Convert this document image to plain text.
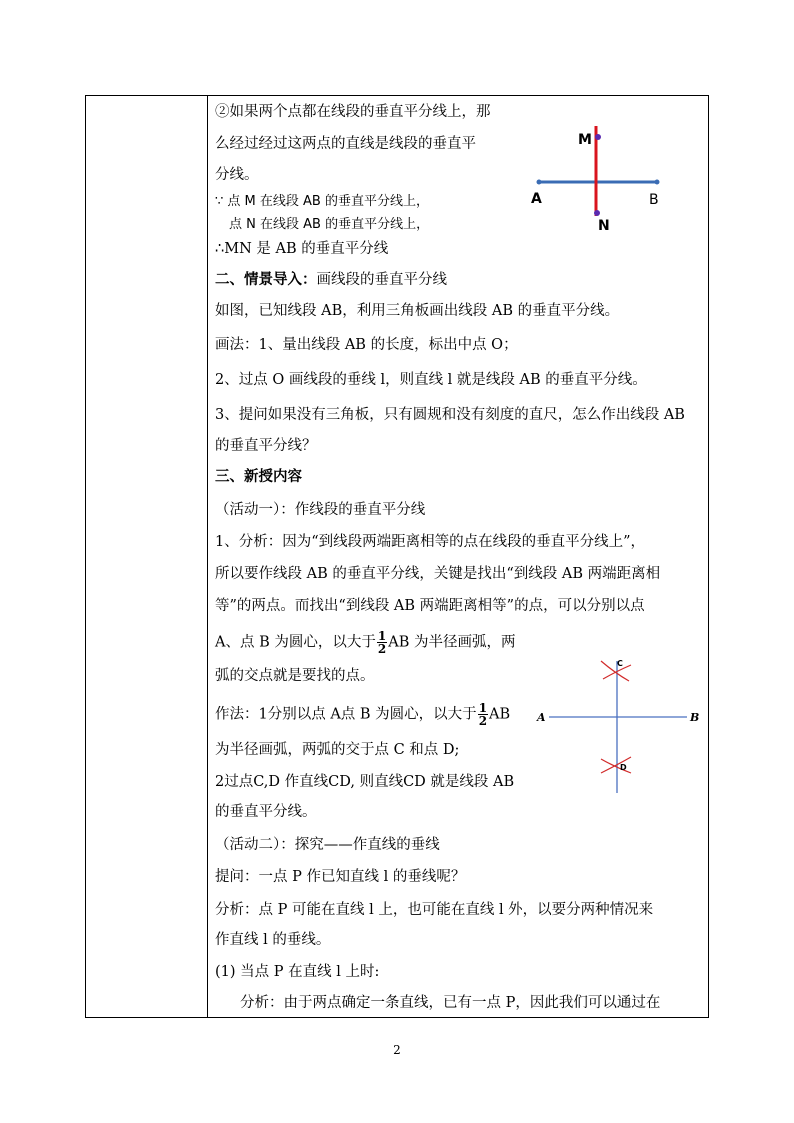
②如果两个点都在线段的垂直平分线上，那
么经过经过这两点的直线是线段的垂直平
分线。
∵ 点 M 在线段 AB 的垂直平分线上，
点 N 在线段 AB 的垂直平分线上，
∴MN 是 AB 的垂直平分线
二、情景导入：画线段的垂直平分线
如图，已知线段 AB，利用三角板画出线段 AB 的垂直平分线。
画法：1、量出线段 AB 的长度，标出中点 O；
2、过点 O 画线段的垂线 l，则直线 l 就是线段 AB 的垂直平分线。
3、提问如果没有三角板，只有圆规和没有刻度的直尺，怎么作出线段 AB
的垂直平分线？
三、新授内容
（活动一）：作线段的垂直平分线
1、分析：因为“到线段两端距离相等的点在线段的垂直平分线上”，
所以要作线段 AB 的垂直平分线，关键是找出“到线段 AB 两端距离相
等”的两点。而找出“到线段 AB 两端距离相等”的点，可以分别以点
A、点 B 为圆心，以大于 $\frac{1}{2}$ AB 为半径画弧，两
弧的交点就是要找的点。
作法：1分别以点 A点 B 为圆心，以大于 $\frac{1}{2}$ AB
为半径画弧，两弧的交于点 C 和点 D;
2过点C,D 作直线CD, 则直线CD 就是线段 AB
的垂直平分线。
（活动二）：探究——作直线的垂线
提问：一点 P 作已知直线 l 的垂线呢？
分析：点 P 可能在直线 l 上，也可能在直线 l 外，以要分两种情况来
作直线 l 的垂线。
(1) 当点 P 在直线 l 上时:
分析：由于两点确定一条直线，已有一点 P，因此我们可以通过在
M
N
A	B
C
D
A	B
2
